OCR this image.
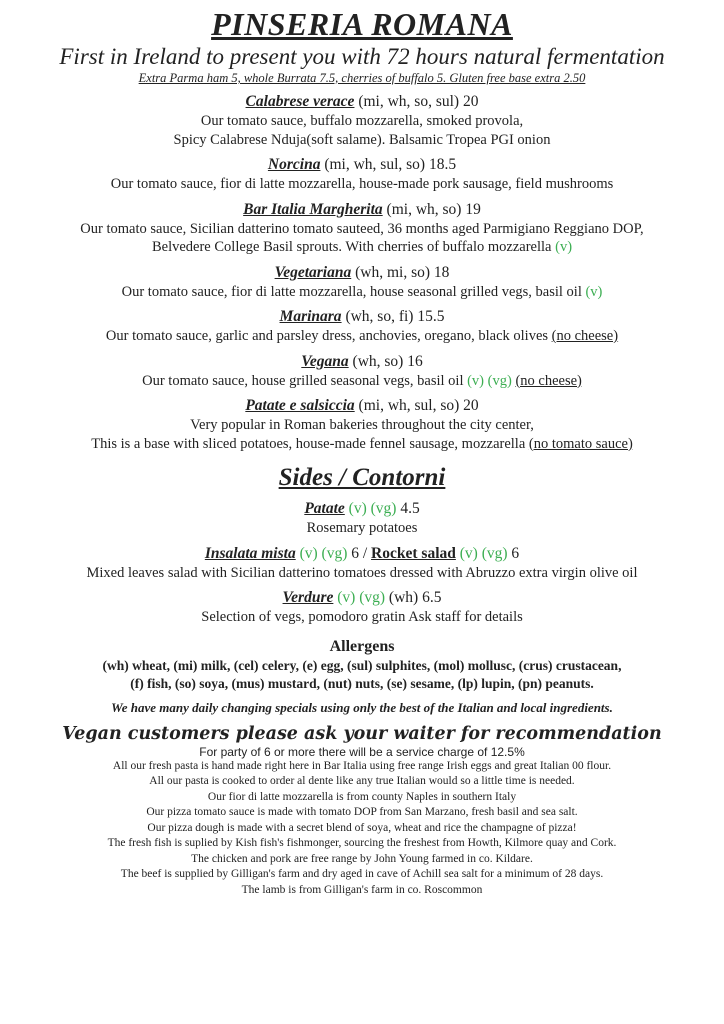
PINSERIA ROMANA
First in Ireland to present you with 72 hours natural fermentation
Extra Parma ham 5, whole Burrata 7.5, cherries of buffalo 5. Gluten free base extra 2.50
Calabrese verace (mi, wh, so, sul) 20
Our tomato sauce, buffalo mozzarella, smoked provola,
Spicy Calabrese Nduja(soft salame). Balsamic Tropea PGI onion
Norcina (mi, wh, sul, so) 18.5
Our tomato sauce, fior di latte mozzarella, house-made pork sausage, field mushrooms
Bar Italia Margherita (mi, wh, so) 19
Our tomato sauce, Sicilian datterino tomato sauteed, 36 months aged Parmigiano Reggiano DOP,
Belvedere College Basil sprouts. With cherries of buffalo mozzarella (v)
Vegetariana (wh, mi, so) 18
Our tomato sauce, fior di latte mozzarella, house seasonal grilled vegs, basil oil (v)
Marinara (wh, so, fi) 15.5
Our tomato sauce, garlic and parsley dress, anchovies, oregano, black olives (no cheese)
Vegana (wh, so) 16
Our tomato sauce, house grilled seasonal vegs, basil oil (v) (vg) (no cheese)
Patate e salsiccia (mi, wh, sul, so) 20
Very popular in Roman bakeries throughout the city center,
This is a base with sliced potatoes, house-made fennel sausage, mozzarella (no tomato sauce)
Sides / Contorni
Patate (v) (vg) 4.5
Rosemary potatoes
Insalata mista (v) (vg) 6 / Rocket salad (v) (vg) 6
Mixed leaves salad with Sicilian datterino tomatoes dressed with Abruzzo extra virgin olive oil
Verdure (v) (vg) (wh) 6.5
Selection of vegs, pomodoro gratin Ask staff for details
Allergens
(wh) wheat, (mi) milk, (cel) celery, (e) egg, (sul) sulphites, (mol) mollusc, (crus) crustacean,
(f) fish, (so) soya, (mus) mustard, (nut) nuts, (se) sesame, (lp) lupin, (pn) peanuts.
We have many daily changing specials using only the best of the Italian and local ingredients.
Vegan customers please ask your waiter for recommendation
For party of 6 or more there will be a service charge of 12.5%
All our fresh pasta is hand made right here in Bar Italia using free range Irish eggs and great Italian 00 flour.
All our pasta is cooked to order al dente like any true Italian would so a little time is needed.
Our fior di latte mozzarella is from county Naples in southern Italy
Our pizza tomato sauce is made with tomato DOP from San Marzano, fresh basil and sea salt.
Our pizza dough is made with a secret blend of soya, wheat and rice the champagne of pizza!
The fresh fish is suplied by Kish fish's fishmonger, sourcing the freshest from Howth, Kilmore quay and Cork.
The chicken and pork are free range by John Young farmed in co. Kildare.
The beef is supplied by Gilligan's farm and dry aged in cave of Achill sea salt for a minimum of 28 days.
The lamb is from Gilligan's farm in co. Roscommon
